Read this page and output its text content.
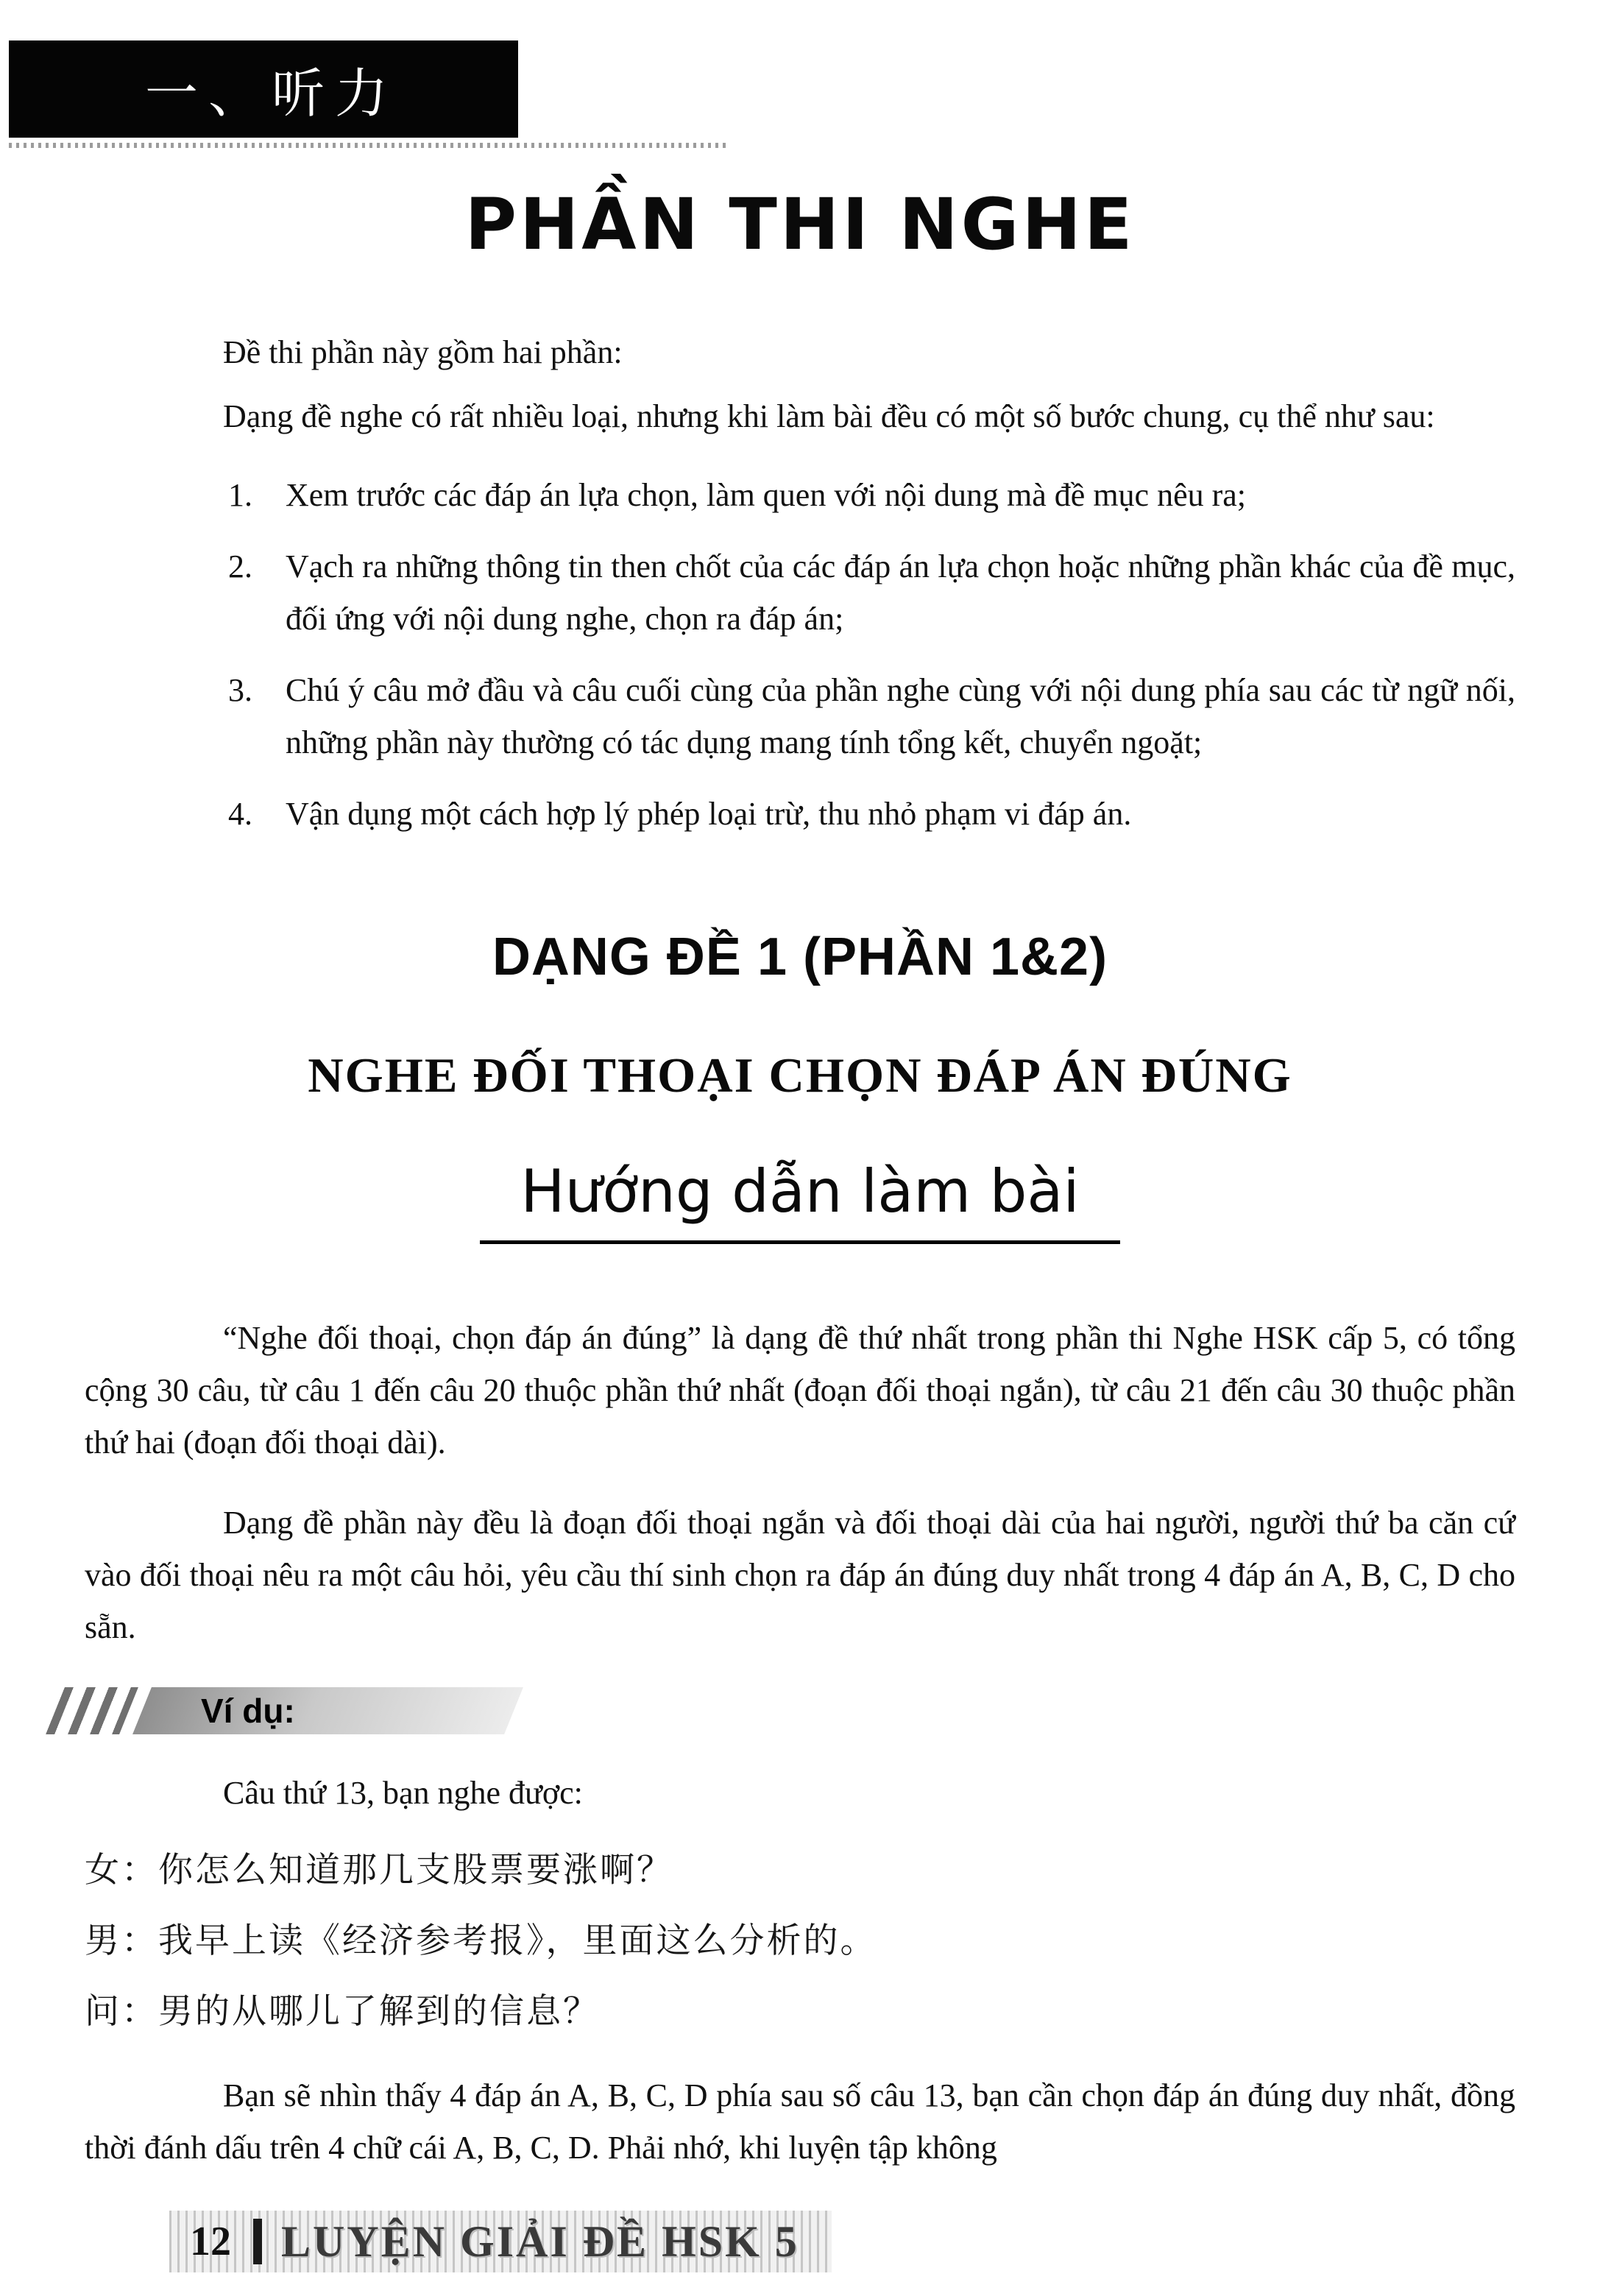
一、听力
PHẦN THI NGHE

Đề thi phần này gồm hai phần:

Dạng đề nghe có rất nhiều loại, nhưng khi làm bài đều có một số bước chung, cụ thể như sau:

1. Xem trước các đáp án lựa chọn, làm quen với nội dung mà đề mục nêu ra;
2. Vạch ra những thông tin then chốt của các đáp án lựa chọn hoặc những phần khác của đề mục, đối ứng với nội dung nghe, chọn ra đáp án;
3. Chú ý câu mở đầu và câu cuối cùng của phần nghe cùng với nội dung phía sau các từ ngữ nối, những phần này thường có tác dụng mang tính tổng kết, chuyển ngoặt;
4. Vận dụng một cách hợp lý phép loại trừ, thu nhỏ phạm vi đáp án.
DẠNG ĐỀ 1 (PHẦN 1&2)
NGHE ĐỐI THOẠI CHỌN ĐÁP ÁN ĐÚNG
Hướng dẫn làm bài

“Nghe đối thoại, chọn đáp án đúng” là dạng đề thứ nhất trong phần thi Nghe HSK cấp 5, có tổng cộng 30 câu, từ câu 1 đến câu 20 thuộc phần thứ nhất (đoạn đối thoại ngắn), từ câu 21 đến câu 30 thuộc phần thứ hai (đoạn đối thoại dài).

Dạng đề phần này đều là đoạn đối thoại ngắn và đối thoại dài của hai người, người thứ ba căn cứ vào đối thoại nêu ra một câu hỏi, yêu cầu thí sinh chọn ra đáp án đúng duy nhất trong 4 đáp án A, B, C, D cho sẵn.

Ví dụ:

Câu thứ 13, bạn nghe được:

女：你怎么知道那几支股票要涨啊？

男：我早上读《经济参考报》，里面这么分析的。

问：男的从哪儿了解到的信息？

Bạn sẽ nhìn thấy 4 đáp án A, B, C, D phía sau số câu 13, bạn cần chọn đáp án đúng duy nhất, đồng thời đánh dấu trên 4 chữ cái A, B, C, D. Phải nhớ, khi luyện tập không

12 LUYỆN GIẢI ĐỀ HSK 5
